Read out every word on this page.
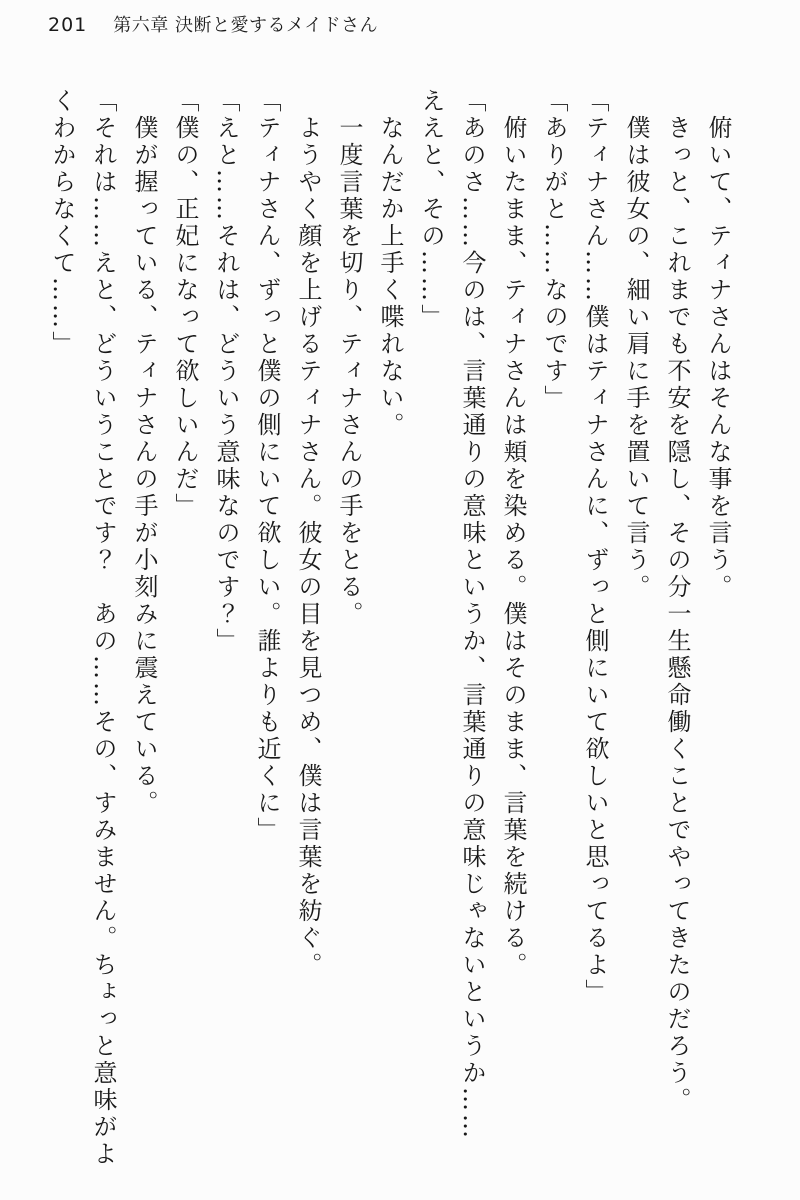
201 第六章 決断と愛するメイドさん

俯いて、ティナさんはそんな事を言う。

きっと、これまでも不安を隠し、その分一生懸命働くことでやってきたのだろう。

僕は彼女の、細い肩に手を置いて言う。

「ティナさん……僕はティナさんに、ずっと側にいて欲しいと思ってるよ」

「ありがと……なのです」

俯いたまま、ティナさんは頬を染める。僕はそのまま、言葉を続ける。

「あのさ……今のは、言葉通りの意味というか、言葉通りの意味じゃないというか……

ええと、その……」

なんだか上手く喋れない。

一度言葉を切り、ティナさんの手をとる。

ようやく顔を上げるティナさん。彼女の目を見つめ、僕は言葉を紡ぐ。

「ティナさん、ずっと僕の側にいて欲しい。誰よりも近くに」

「えと……それは、どういう意味なのです？」

「僕の、正妃になって欲しいんだ」

僕が握っている、ティナさんの手が小刻みに震えている。

「それは……えと、どういうことです？　あの……その、すみません。ちょっと意味がよ

くわからなくて……」
